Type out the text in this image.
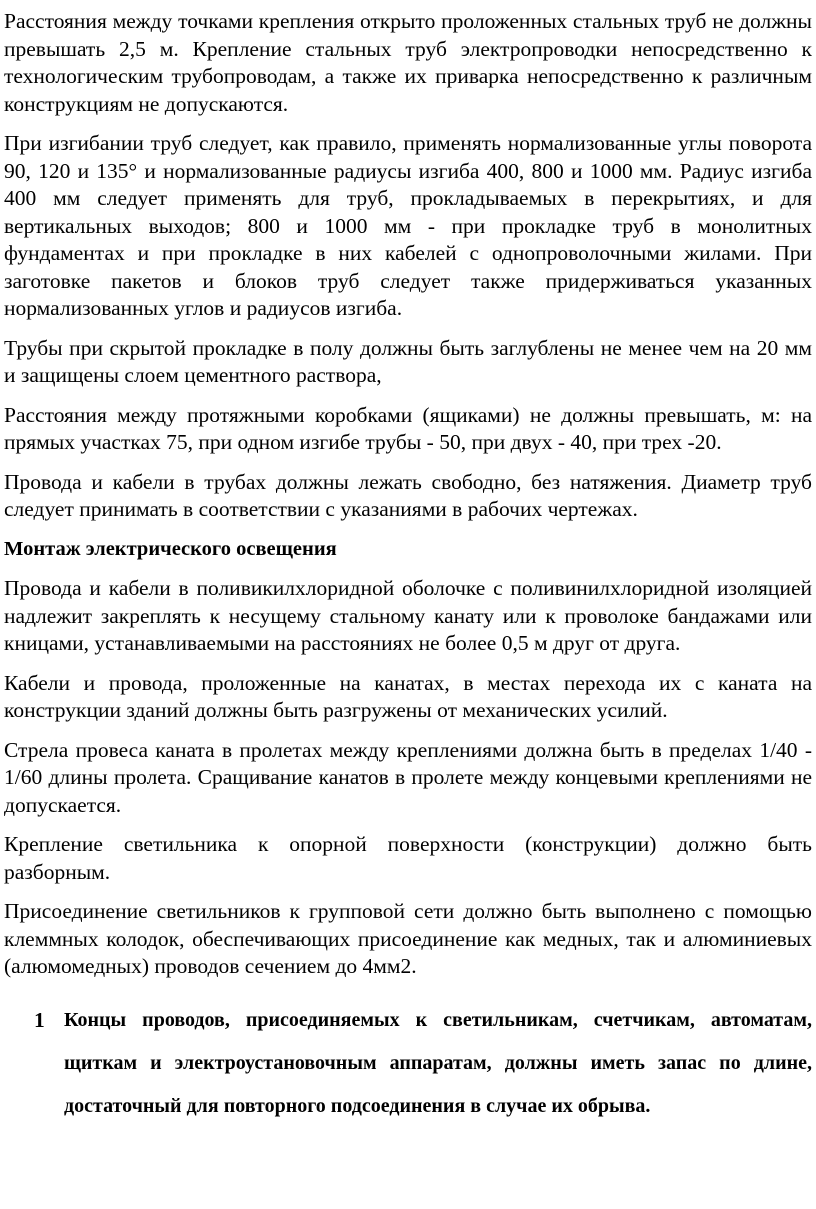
Расстояния между точками крепления открыто проложенных стальных труб не должны превышать 2,5 м. Крепление стальных труб электропроводки непосредственно к технологическим трубопроводам, а также их приварка непосредственно к различным конструкциям не допускаются.

При изгибании труб следует, как правило, применять нормализованные углы поворота 90, 120 и 135° и нормализованные радиусы изгиба 400, 800 и 1000 мм. Радиус изгиба 400 мм следует применять для труб, прокладываемых в перекрытиях, и для вертикальных выходов; 800 и 1000 мм - при прокладке труб в монолитных фундаментах и при прокладке в них кабелей с однопроволочными жилами. При заготовке пакетов и блоков труб следует также придерживаться указанных нормализованных углов и радиусов изгиба.

Трубы при скрытой прокладке в полу должны быть заглублены не менее чем на 20 мм и защищены слоем цементного раствора,

Расстояния между протяжными коробками (ящиками) не должны превышать, м: на прямых участках 75, при одном изгибе трубы - 50, при двух - 40, при трех -20.

Провода и кабели в трубах должны лежать свободно, без натяжения. Диаметр труб следует принимать в соответствии с указаниями в рабочих чертежах.

Монтаж электрического освещения

Провода и кабели в поливикилхлоридной оболочке с поливинилхлоридной изоляцией надлежит закреплять к несущему стальному канату или к проволоке бандажами или кницами, устанавливаемыми на расстояниях не более 0,5 м друг от друга.

Кабели и провода, проложенные на канатах, в местах перехода их с каната на конструкции зданий должны быть разгружены от механических усилий.

Стрела провеса каната в пролетах между креплениями должна быть в пределах 1/40 - 1/60 длины пролета. Сращивание канатов в пролете между концевыми креплениями не допускается.

Крепление светильника к опорной поверхности (конструкции) должно быть разборным.

Присоединение светильников к групповой сети должно быть выполнено с помощью клеммных колодок, обеспечивающих присоединение как медных, так и алюминиевых (алюмомедных) проводов сечением до 4мм2.

1 Концы проводов, присоединяемых к светильникам, счетчикам, автоматам, щиткам и электроустановочным аппаратам, должны иметь запас по длине, достаточный для повторного подсоединения в случае их обрыва.
